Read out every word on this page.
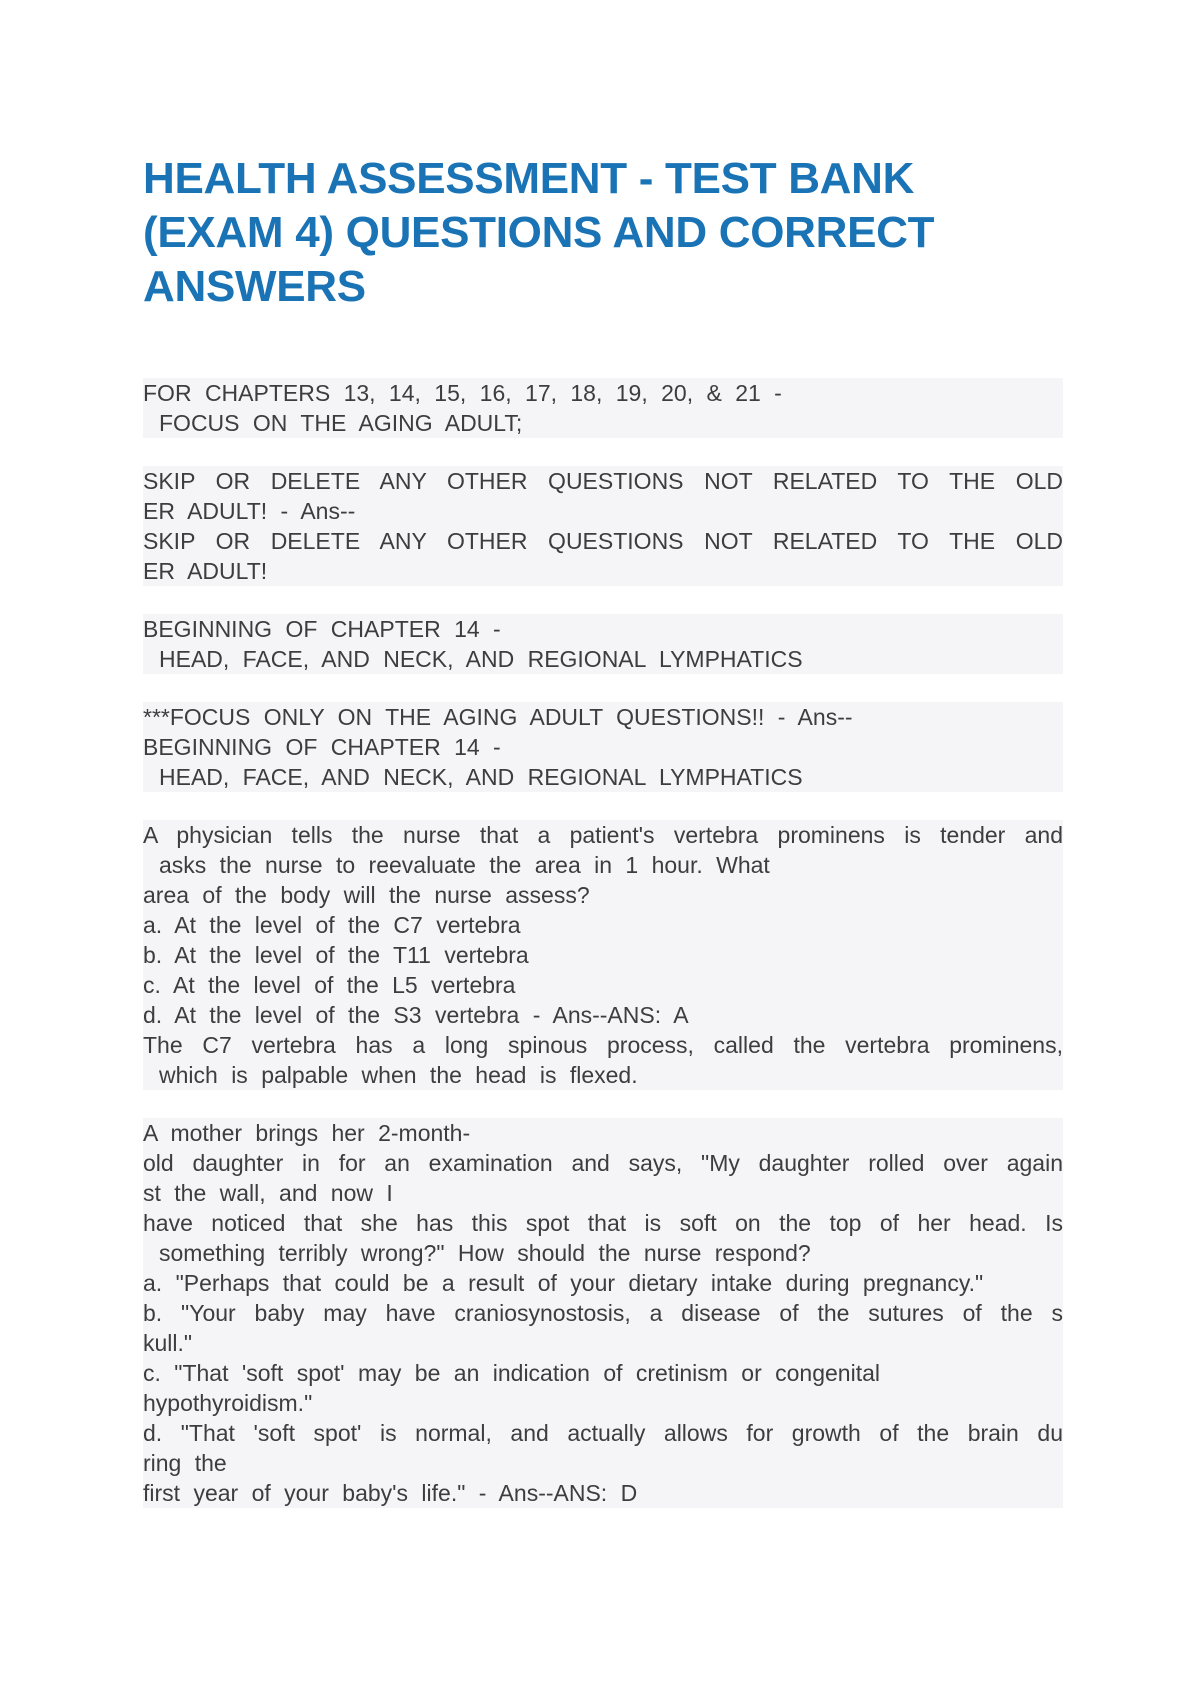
HEALTH ASSESSMENT - TEST BANK
(EXAM 4) QUESTIONS AND CORRECT
ANSWERS

FOR CHAPTERS 13, 14, 15, 16, 17, 18, 19, 20, & 21 -
FOCUS ON THE AGING ADULT;

SKIP OR DELETE ANY OTHER QUESTIONS NOT RELATED TO THE OLD
ER ADULT! - Ans--
SKIP OR DELETE ANY OTHER QUESTIONS NOT RELATED TO THE OLD
ER ADULT!

BEGINNING OF CHAPTER 14 -
HEAD, FACE, AND NECK, AND REGIONAL LYMPHATICS

***FOCUS ONLY ON THE AGING ADULT QUESTIONS!! - Ans--
BEGINNING OF CHAPTER 14 -
HEAD, FACE, AND NECK, AND REGIONAL LYMPHATICS

A physician tells the nurse that a patient's vertebra prominens is tender and
asks the nurse to reevaluate the area in 1 hour. What
area of the body will the nurse assess?
a. At the level of the C7 vertebra
b. At the level of the T11 vertebra
c. At the level of the L5 vertebra
d. At the level of the S3 vertebra - Ans--ANS: A
The C7 vertebra has a long spinous process, called the vertebra prominens,
which is palpable when the head is flexed.

A mother brings her 2-month-
old daughter in for an examination and says, "My daughter rolled over again
st the wall, and now I
have noticed that she has this spot that is soft on the top of her head. Is
something terribly wrong?" How should the nurse respond?
a. "Perhaps that could be a result of your dietary intake during pregnancy."
b. "Your baby may have craniosynostosis, a disease of the sutures of the s
kull."
c. "That 'soft spot' may be an indication of cretinism or congenital
hypothyroidism."
d. "That 'soft spot' is normal, and actually allows for growth of the brain du
ring the
first year of your baby's life." - Ans--ANS: D
